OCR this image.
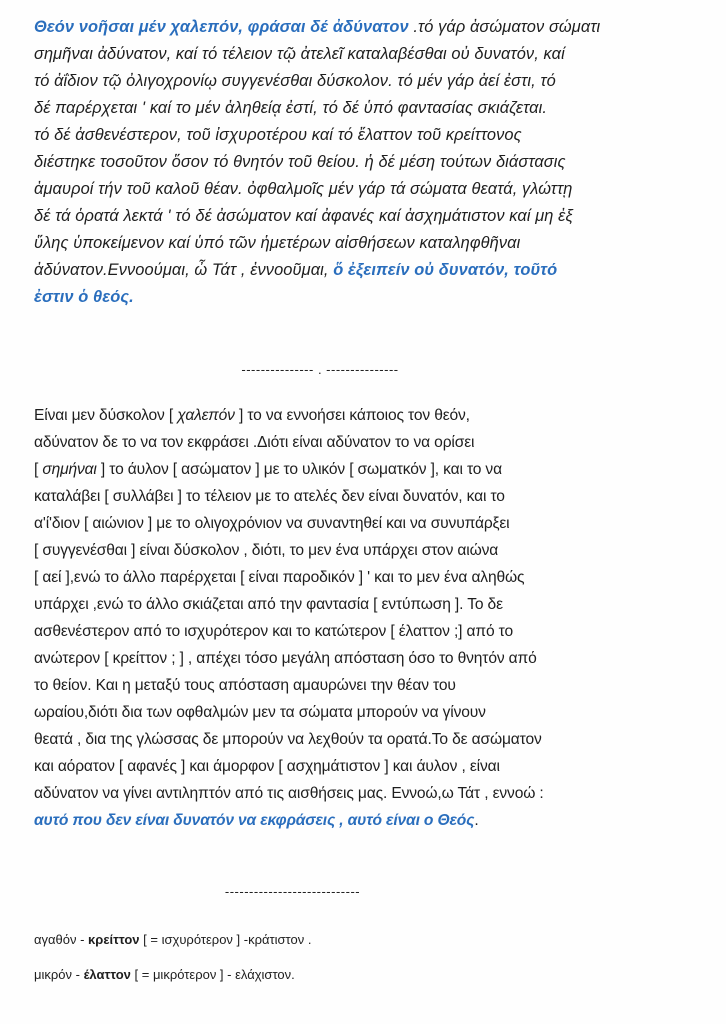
Θεόν νοῆσαι μέν χαλεπόν, φράσαι δέ ἀδύνατον .τό γάρ ἀσώματον σώματι
σημῆναι ἀδύνατον, καί τό τέλειον τῷ ἀτελεῖ καταλαβέσθαι οὐ δυνατόν, καί
τό ἀΐδιον τῷ ὀλιγοχρονίῳ συγγενέσθαι δύσκολον. τό μέν γάρ ἀεί ἐστι, τό
δέ παρέρχεται ' καί το μέν ἀληθείᾳ ἐστί, τό δέ ὑπό φαντασίας σκιάζεται.
τό δέ ἀσθενέστερον, τοῦ ἰσχυροτέρου καί τό ἔλαττον τοῦ κρείττονος
διέστηκε τοσοῦτον ὅσον τό θνητόν τοῦ θείου. ἡ δέ μέση τούτων διάστασις
ἀμαυροί τήν τοῦ καλοῦ θέαν. ὀφθαλμοῖς μέν γάρ τά σώματα θεατά, γλώττῃ
δέ τά ὁρατά λεκτά ' τό δέ ἀσώματον καί ἀφανές καί ἀσχημάτιστον καί μη ἐξ
ὕλης ὑποκείμενον καί ὑπό τῶν ἡμετέρων αἰσθήσεων καταληφθῆναι
ἀδύνατον.Εννοούμαι, ὦ Τάτ , ἐννοοῦμαι, ὅ ἐξειπείν οὐ δυνατόν, τοῦτό
ἐστιν ὁ θεός.
--------------- . ---------------
Είναι μεν δύσκολον [ χαλεπόν ] το να εννοήσει κάποιος τον θεόν,
αδύνατον δε το να τον εκφράσει .Διότι είναι αδύνατον το να ορίσει
[ σημήναι ] το άυλον [ ασώματον ] με το υλικόν [ σωματκόν ], και το να
καταλάβει [ συλλάβει ] το τέλειον με το ατελές δεν είναι δυνατόν, και το
α'ί'διον [ αιώνιον ] με το ολιγοχρόνιον να συναντηθεί και να συνυπάρξει
[ συγγενέσθαι ] είναι δύσκολον , διότι, το μεν ένα υπάρχει στον αιώνα
[ αεί ],ενώ το άλλο παρέρχεται [ είναι παροδικόν ] ' και το μεν ένα αληθώς
υπάρχει ,ενώ το άλλο σκιάζεται από την φαντασία [ εντύπωση ]. Το δε
ασθενέστερον από το ισχυρότερον και το κατώτερον [ έλαττον ;] από το
ανώτερον [ κρείττον ; ] , απέχει τόσο μεγάλη απόσταση όσο το θνητόν από
το θείον. Και η μεταξύ τους απόσταση αμαυρώνει την θέαν του
ωραίου,διότι δια των οφθαλμών μεν τα σώματα μπορούν να γίνουν
θεατά , δια της γλώσσας δε μπορούν να λεχθούν τα ορατά.Το δε ασώματον
και αόρατον [ αφανές ] και άμορφον [ ασχημάτιστον ] και άυλον , είναι
αδύνατον να γίνει αντιληπτόν από τις αισθήσεις μας. Εννοώ,ω Τάτ , εννοώ :
αυτό που δεν είναι δυνατόν να εκφράσεις , αυτό είναι ο Θεός.
----------------------------
αγαθόν - κρείττον [ = ισχυρότερον ] -κράτιστον .
μικρόν - έλαττον [ = μικρότερον ] - ελάχιστον.
